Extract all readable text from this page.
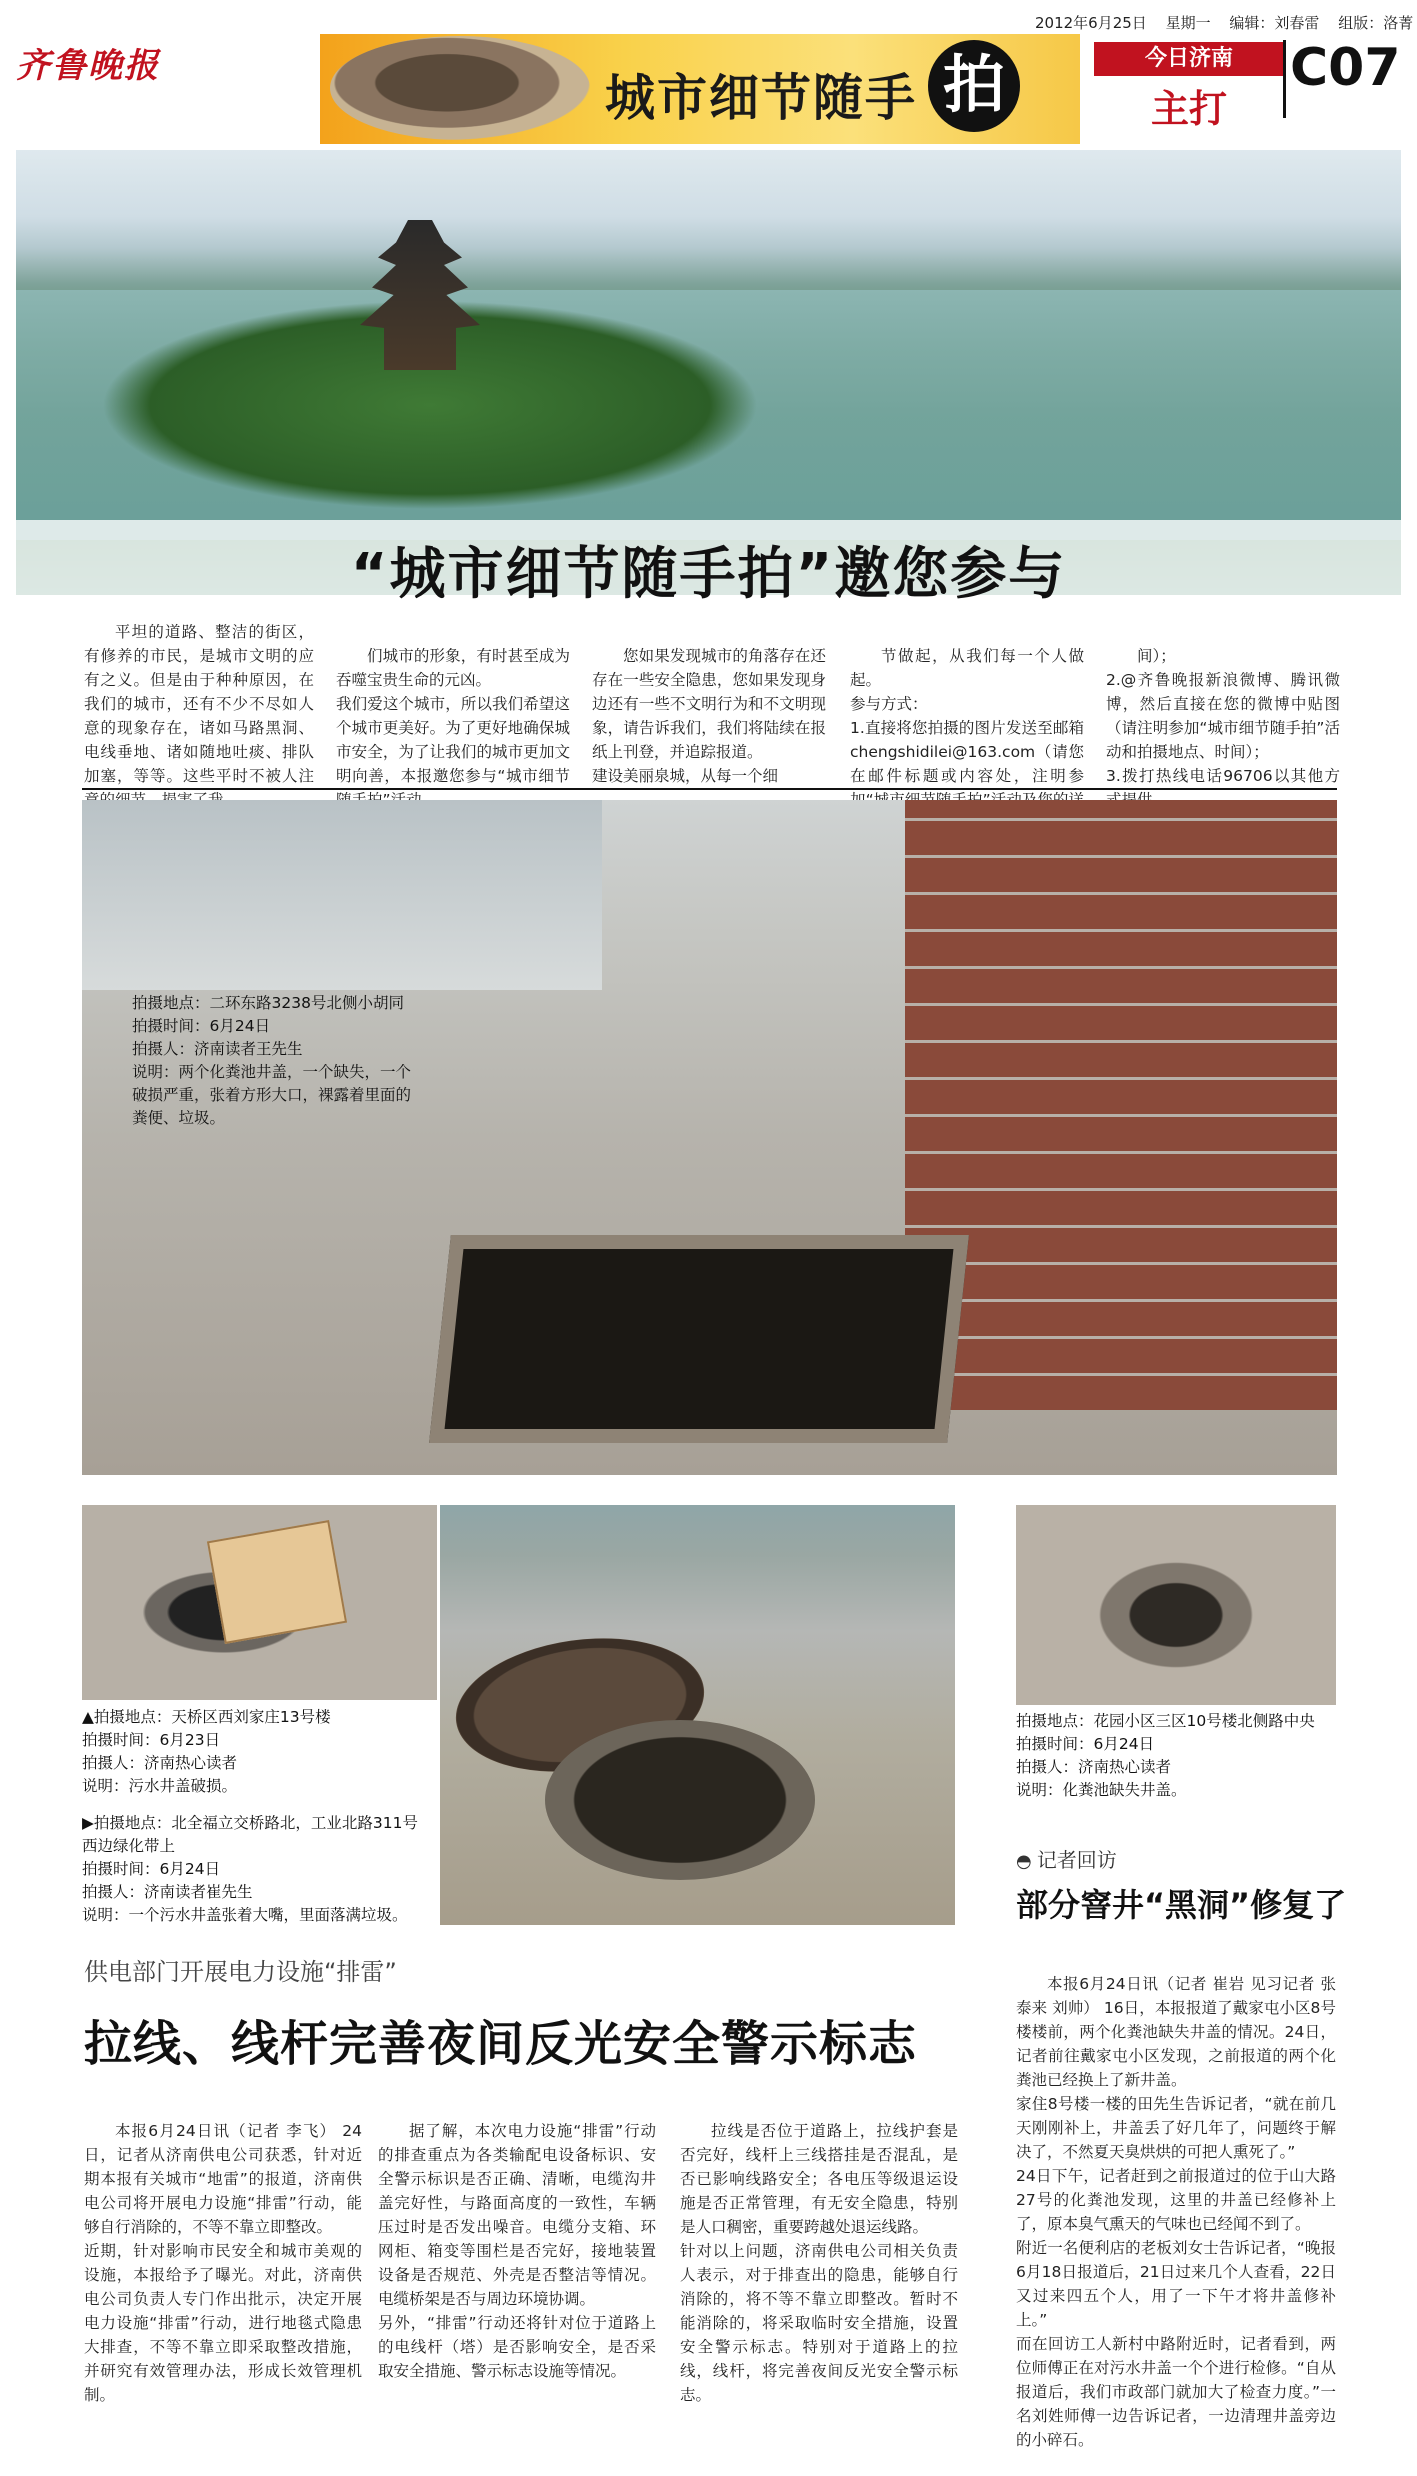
2012年6月25日 星期一 编辑：刘春雷 组版：洛菁
齐鲁晚报
城市细节随手 拍	今日济南
主打
C07
“城市细节随手拍”邀您参与

平坦的道路、整洁的街区，有修养的市民，是城市文明的应有之义。但是由于种种原因，在我们的城市，还有不少不尽如人意的现象存在，诸如马路黑洞、电线垂地、诸如随地吐痰、排队加塞，等等。这些平时不被人注

们城市的形象，有时甚至成为吞噬宝贵生命的元凶。
我们爱这个城市，所以我们希望这个城市更美好。为了更好地确保城市安全，为了让我们的城市更加文明向善，本报邀您参与“城市细节

您如果发现城市的角落存在还存在一些安全隐患，您如果发现身边还有一些不文明行为和不文明现象，请告诉我们，我们将陆续在报纸上刊登，并追踪报道。
建设美丽泉城，从每一个细

节做起，从我们每一个人做起。
参与方式：
1.直接将您拍摄的图片发送至邮箱chengshidilei@163.com（请您在邮件标题或内容处，注明参

间）；
2.@齐鲁晚报新浪微博、腾讯微博，然后直接在您的微博中贴图（请注明参加“城市细节随手拍”活动和拍摄地点、时间）；
3.拨打热线电话96706以其他方

拍摄地点：二环东路3238号北侧小胡同
拍摄时间：6月24日
拍摄人：济南读者王先生
说明：两个化粪池井盖，一个缺失，一个破损严重，张着方形大口，裸露着里面的粪便、垃圾。
▲拍摄地点：天桥区西刘家庄13号楼
拍摄时间：6月23日
拍摄人：济南热心读者
说明：污水井盖破损。
▶拍摄地点：北全福立交桥路北，工业北路311号西边绿化带上
拍摄时间：6月24日
拍摄人：济南读者崔先生
说明：一个污水井盖张着大嘴，里面落满垃圾。
拍摄地点：花园小区三区10号楼北侧路中央
拍摄时间：6月24日
拍摄人：济南热心读者
说明：化粪池缺失井盖。
供电部门开展电力设施“排雷”
拉线、线杆完善夜间反光安全警示标志

本报6月24日讯（记者 李飞） 24日，记者从济南供电公司获悉，针对近期本报有关城市“地雷”的报道，济南供电公司将开展电力设施“排雷”行动，能够自行消除的，不等不靠立即整改。
近期，针对影响市民安全和城市美观的设施，本报给予了曝光。对此，济南供电公司负责人专门作出批示，决定开展电力设施“排雷”行动，进行地毯式隐患大排查，不等不靠立即采取整改措施，并研究有效管理办法，形成长效管理机制。

据了解，本次电力设施“排雷”行动的排查重点为各类输配电设备标识、安全警示标识是否正确、清晰，电缆沟井盖完好性，与路面高度的一致性，车辆压过时是否发出噪音。电缆分支箱、环网柜、箱变等围栏是否完好，接地装置设备是否规范、外壳是否整洁等情况。电缆桥架是否与周边环境协调。
另外，“排雷”行动还将针对位于道路上的电线杆（塔）是否影响安全，是否采取安全措施、警示标志设施等情况。

拉线是否位于道路上，拉线护套是否完好，线杆上三线搭挂是否混乱，是否已影响线路安全；各电压等级退运设施是否正常管理，有无安全隐患，特别是人口稠密，重要跨越处退运线路。
针对以上问题，济南供电公司相关负责人表示，对于排查出的隐患，能够自行消除的，将不等不靠立即整改。暂时不能消除的，将采取临时安全措施，设置安全警示标志。特别对于道路上的拉线，线杆，将完善夜间反光安全警示标志。

◓ 记者回访
部分窨井“黑洞”修复了

本报6月24日讯（记者 崔岩 见习记者 张泰来 刘帅） 16日，本报报道了戴家屯小区8号楼楼前，两个化粪池缺失井盖的情况。24日，记者前往戴家屯小区发现，之前报道的两个化粪池已经换上了新井盖。
家住8号楼一楼的田先生告诉记者，“就在前几天刚刚补上，井盖丢了好几年了，问题终于解决了，不然夏天臭烘烘的可把人熏死了。”
24日下午，记者赶到之前报道过的位于山大路27号的化粪池发现，这里的井盖已经修补上了，原本臭气熏天的气味也已经闻不到了。
附近一名便利店的老板刘女士告诉记者，“晚报6月18日报道后，21日过来几个人查看，22日又过来四五个人，用了一下午才将井盖修补上。”
而在回访工人新村中路附近时，记者看到，两位师傅正在对污水井盖一个个进行检修。“自从报道后，我们市政部门就加大了检查力度。”一名刘姓师傅一边告诉记者，一边清理井盖旁边的小碎石。
